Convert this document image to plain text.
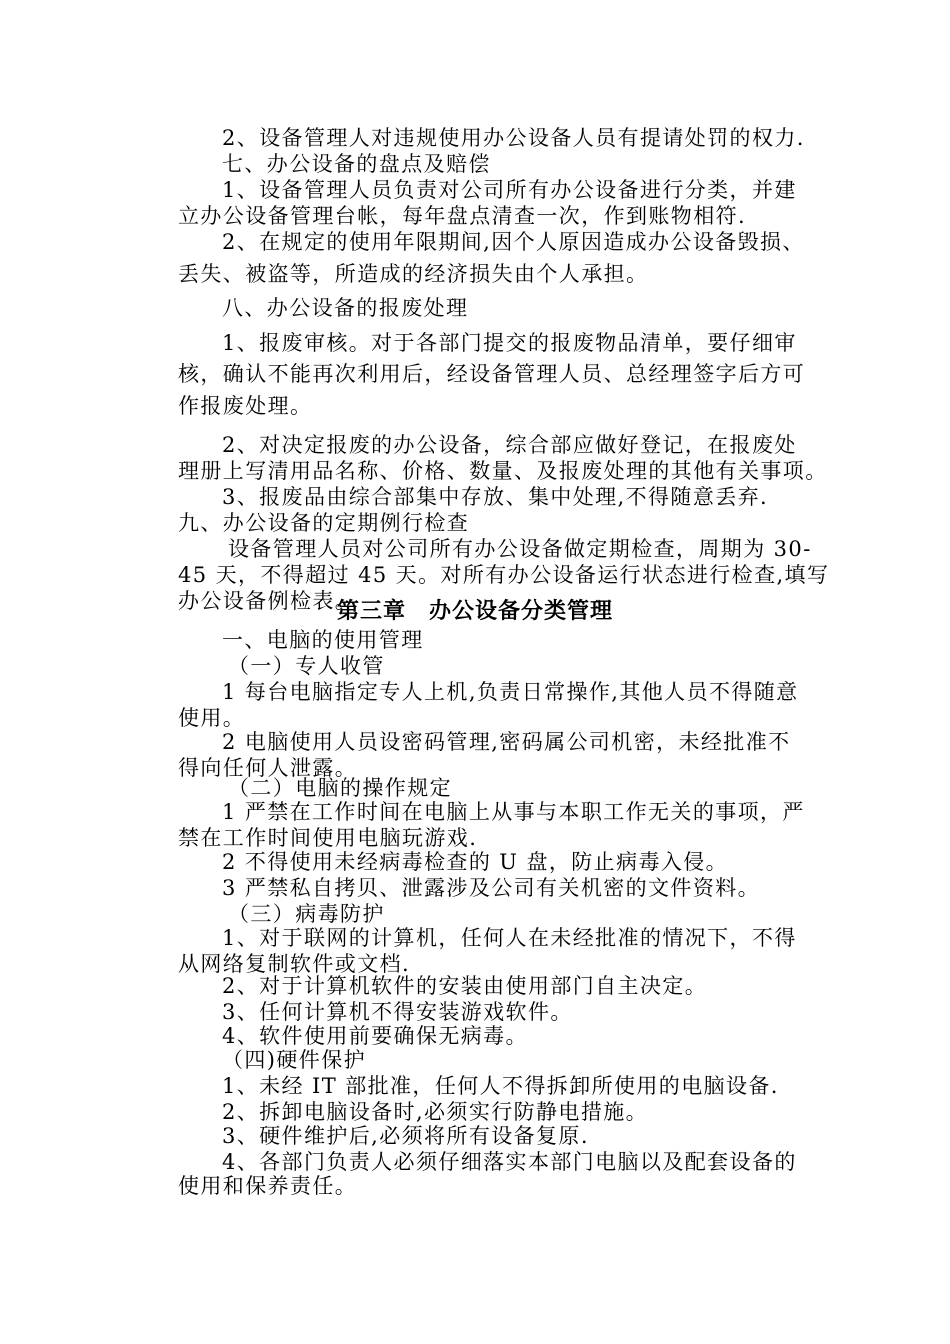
2、设备管理人对违规使用办公设备人员有提请处罚的权力.
七、办公设备的盘点及赔偿
1、设备管理人员负责对公司所有办公设备进行分类，并建
立办公设备管理台帐，每年盘点清查一次，作到账物相符.
2、在规定的使用年限期间,因个人原因造成办公设备毁损、
丢失、被盗等，所造成的经济损失由个人承担。
八、办公设备的报废处理
1、报废审核。对于各部门提交的报废物品清单，要仔细审
核，确认不能再次利用后，经设备管理人员、总经理签字后方可
作报废处理。
2、对决定报废的办公设备，综合部应做好登记，在报废处
理册上写清用品名称、价格、数量、及报废处理的其他有关事项。
3、报废品由综合部集中存放、集中处理,不得随意丢弃.
九、办公设备的定期例行检查
设备管理人员对公司所有办公设备做定期检查，周期为 30-
45 天，不得超过 45 天。对所有办公设备运行状态进行检查,填写
办公设备例检表。
第三章　办公设备分类管理
一、电脑的使用管理
（一）专人收管
1 每台电脑指定专人上机,负责日常操作,其他人员不得随意
使用。
2 电脑使用人员设密码管理,密码属公司机密，未经批准不
得向任何人泄露。
（二）电脑的操作规定
1 严禁在工作时间在电脑上从事与本职工作无关的事项，严
禁在工作时间使用电脑玩游戏.
2 不得使用未经病毒检查的 U 盘，防止病毒入侵。
3 严禁私自拷贝、泄露涉及公司有关机密的文件资料。
（三）病毒防护
1、对于联网的计算机，任何人在未经批准的情况下，不得
从网络复制软件或文档.
2、对于计算机软件的安装由使用部门自主决定。
3、任何计算机不得安装游戏软件。
4、软件使用前要确保无病毒。
（四)硬件保护
1、未经 IT 部批准，任何人不得拆卸所使用的电脑设备.
2、拆卸电脑设备时,必须实行防静电措施。
3、硬件维护后,必须将所有设备复原.
4、各部门负责人必须仔细落实本部门电脑以及配套设备的
使用和保养责任。
